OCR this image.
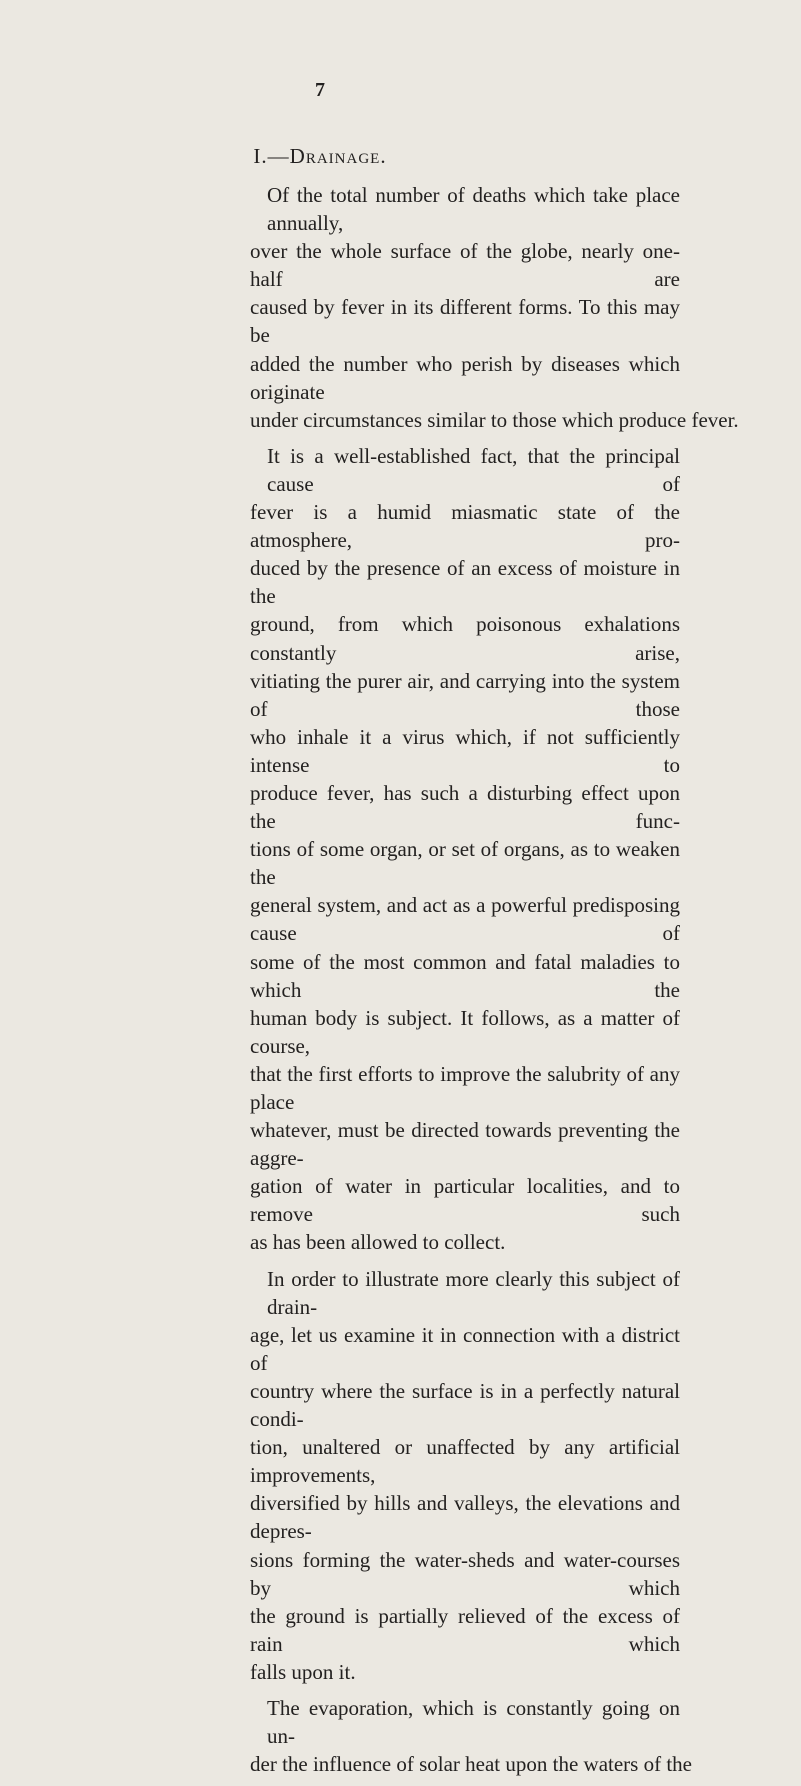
7
I.—Drainage.
Of the total number of deaths which take place annually,
over the whole surface of the globe, nearly one-half are
caused by fever in its different forms. To this may be
added the number who perish by diseases which originate
under circumstances similar to those which produce fever.
It is a well-established fact, that the principal cause of
fever is a humid miasmatic state of the atmosphere, pro-
duced by the presence of an excess of moisture in the
ground, from which poisonous exhalations constantly arise,
vitiating the purer air, and carrying into the system of those
who inhale it a virus which, if not sufficiently intense to
produce fever, has such a disturbing effect upon the func-
tions of some organ, or set of organs, as to weaken the
general system, and act as a powerful predisposing cause of
some of the most common and fatal maladies to which the
human body is subject. It follows, as a matter of course,
that the first efforts to improve the salubrity of any place
whatever, must be directed towards preventing the aggre-
gation of water in particular localities, and to remove such
as has been allowed to collect.
In order to illustrate more clearly this subject of drain-
age, let us examine it in connection with a district of
country where the surface is in a perfectly natural condi-
tion, unaltered or unaffected by any artificial improvements,
diversified by hills and valleys, the elevations and depres-
sions forming the water-sheds and water-courses by which
the ground is partially relieved of the excess of rain which
falls upon it.
The evaporation, which is constantly going on un-
der the influence of solar heat upon the waters of the
